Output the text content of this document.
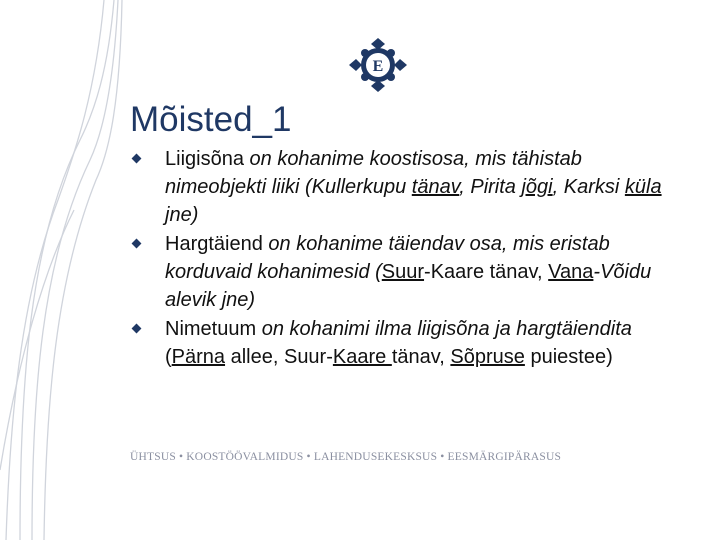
E
Mõisted_1
Liigisõna on kohanime koostisosa, mis tähistab nimeobjekti liiki (Kullerkupu tänav, Pirita jõgi, Karksi küla jne)
Hargtäiend on kohanime täiendav osa, mis eristab korduvaid kohanimesid (Suur-Kaare tänav, Vana-Võidu alevik jne)
Nimetuum on kohanimi ilma liigisõna ja hargtäiendita (Pärna allee, Suur-Kaare tänav, Sõpruse puiestee)
ÜHTSUS • KOOSTÖÖVALMIDUS • LAHENDUSEKESKSUS • EESMÄRGIPÄRASUS
